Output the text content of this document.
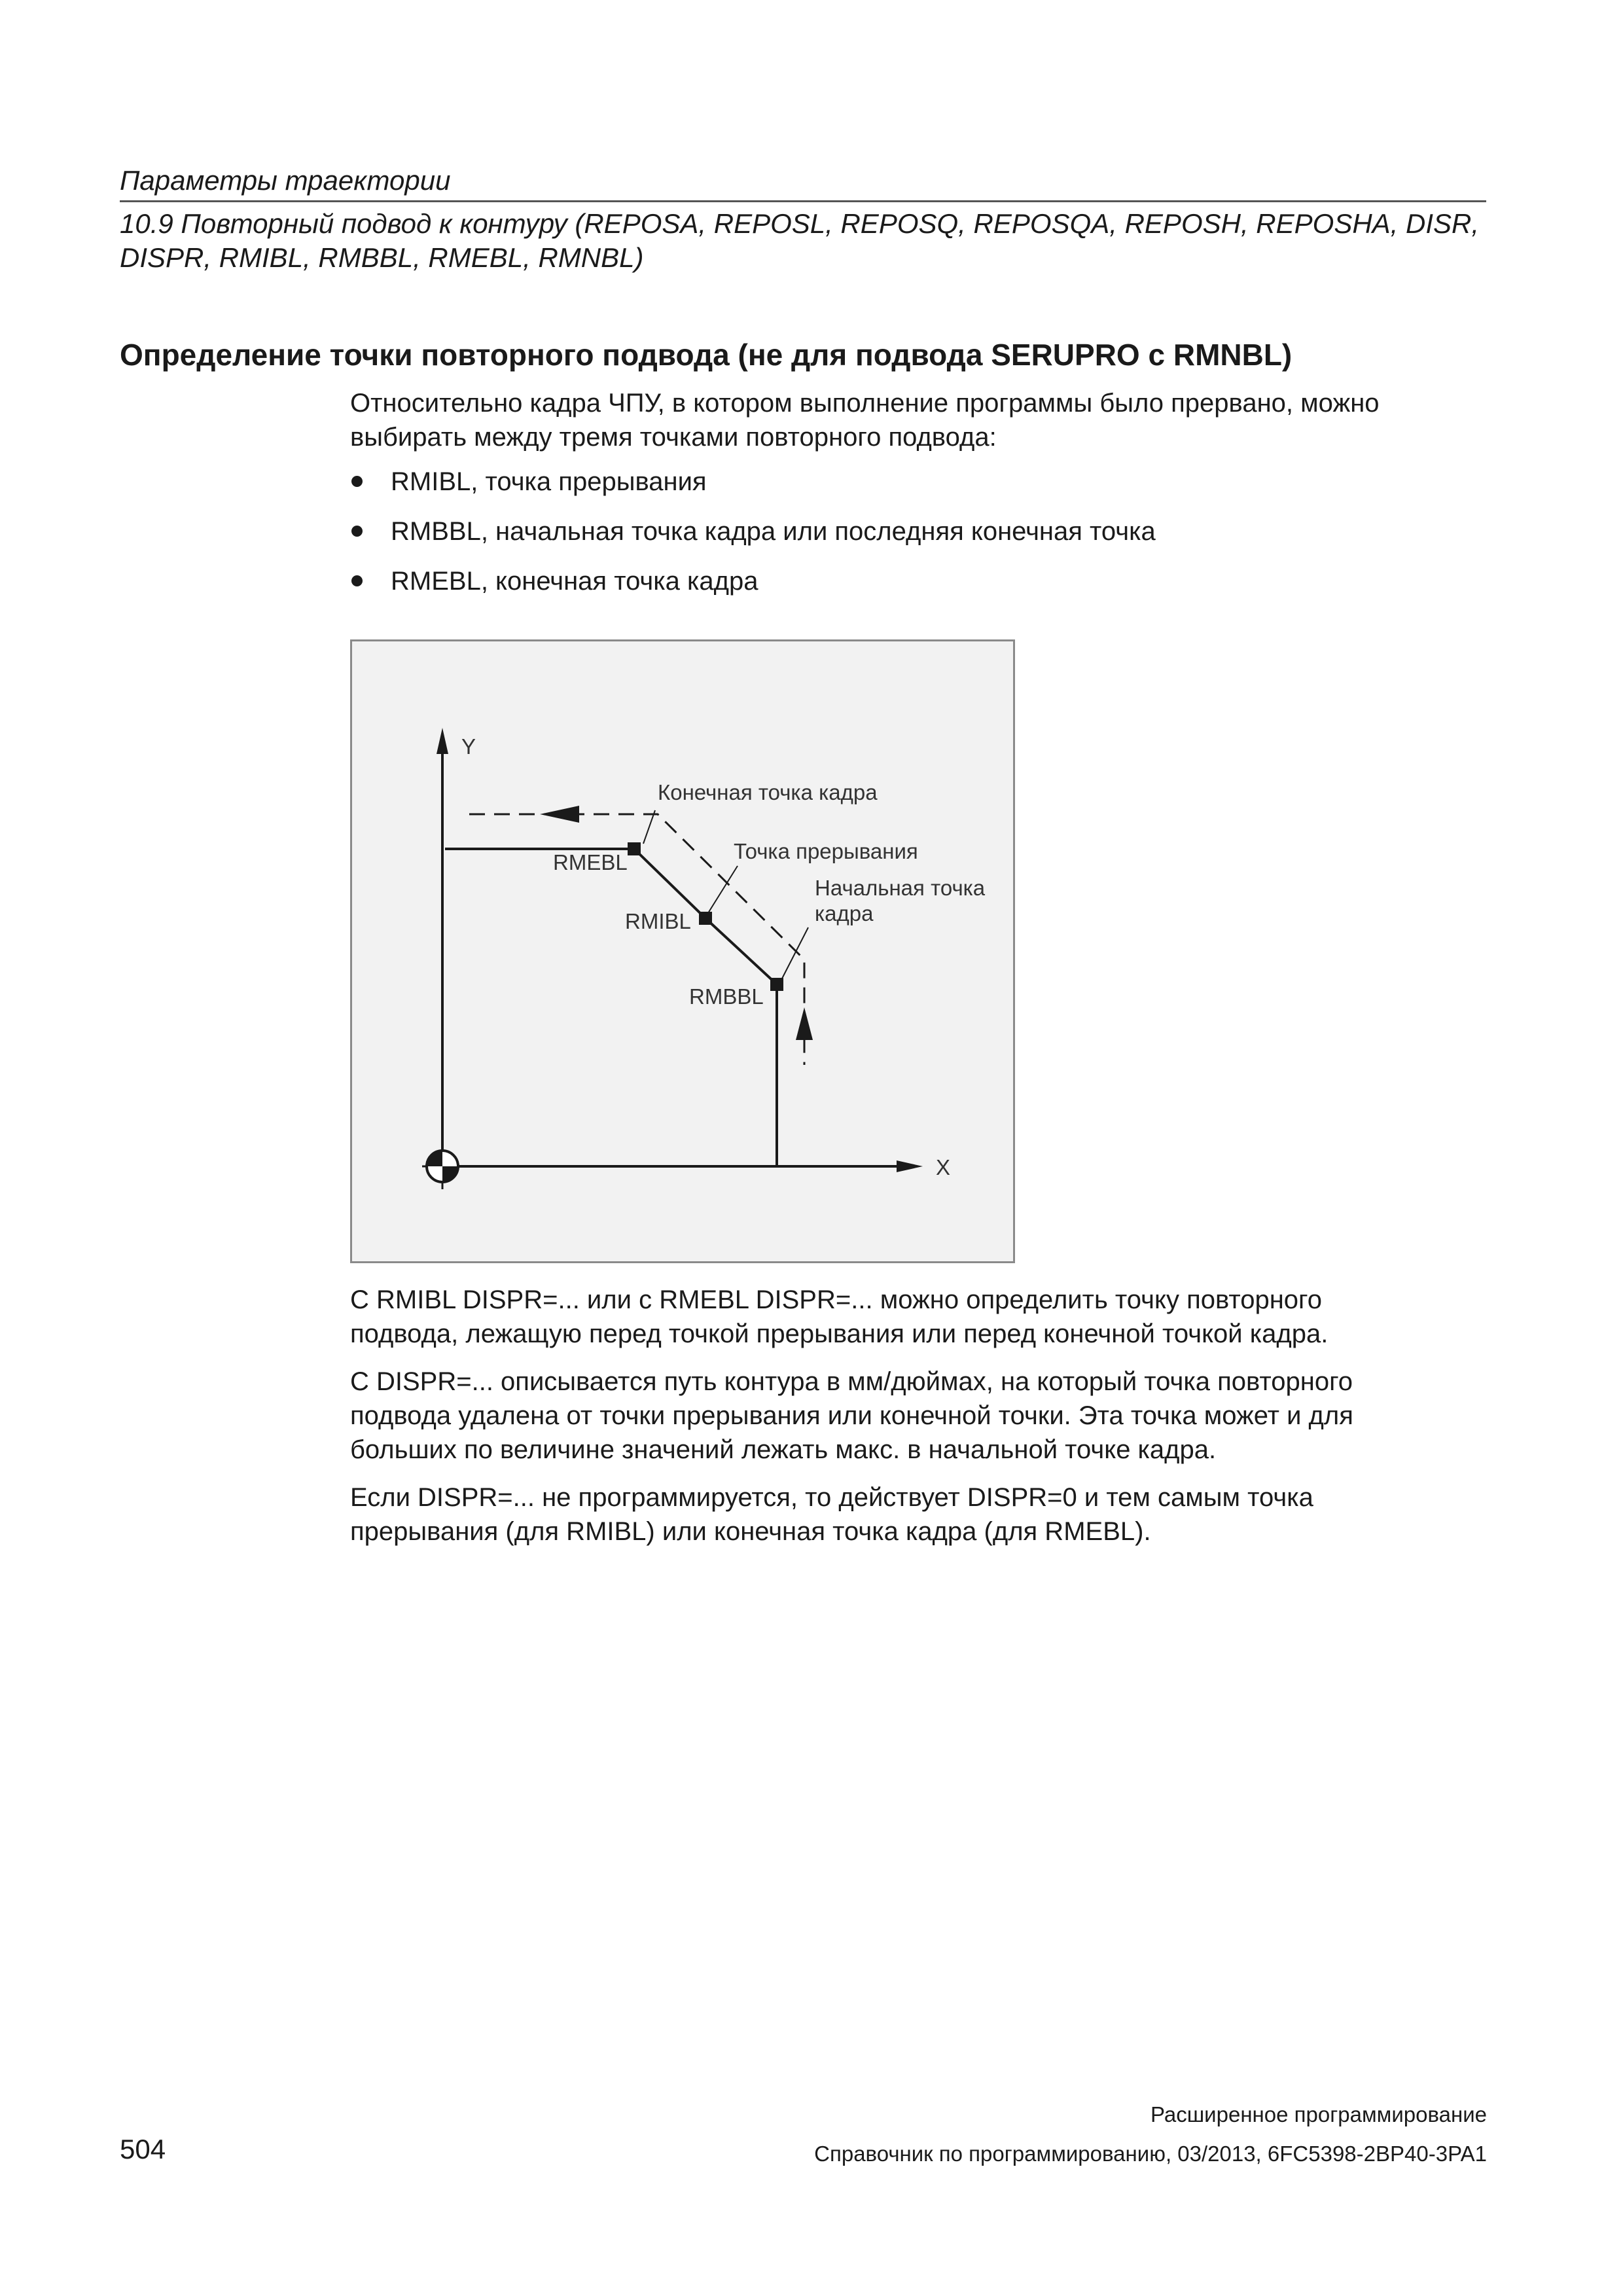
Параметры траектории
10.9 Повторный подвод к контуру (REPOSA, REPOSL, REPOSQ, REPOSQA, REPOSH, REPOSHA, DISR,
DISPR, RMIBL, RMBBL, RMEBL, RMNBL)
Определение точки повторного подвода (не для подвода SERUPRO с RMNBL)
Относительно кадра ЧПУ, в котором выполнение программы было прервано, можно
выбирать между тремя точками повторного подвода:
RMIBL, точка прерывания
RMBBL, начальная точка кадра или последняя конечная точка
RMEBL, конечная точка кадра
Y
X
Конечная точка кадра
Точка прерывания
Начальная точка
кадра
RMEBL
RMIBL
RMBBL
С RMIBL DISPR=... или с RMEBL DISPR=... можно определить точку повторного
подвода, лежащую перед точкой прерывания или перед конечной точкой кадра.
С DISPR=... описывается путь контура в мм/дюймах, на который точка повторного
подвода удалена от точки прерывания или конечной точки. Эта точка может и для
больших по величине значений лежать макс. в начальной точке кадра.
Если DISPR=... не программируется, то действует DISPR=0 и тем самым точка
прерывания (для RMIBL) или конечная точка кадра (для RMEBL).
Расширенное программирование
504	Справочник по программированию, 03/2013, 6FC5398-2BP40-3PA1
